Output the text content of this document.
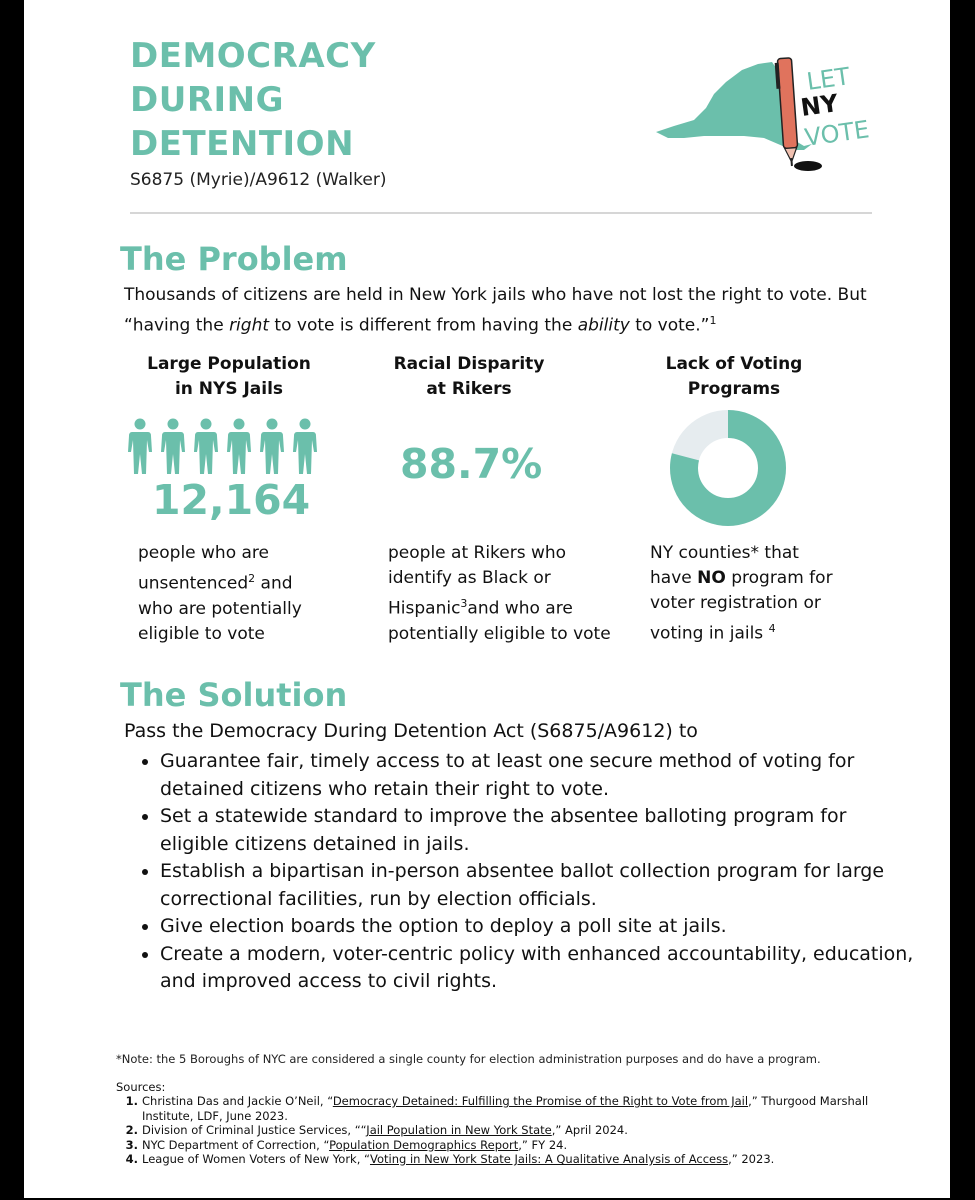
DEMOCRACY
DURING
DETENTION
S6875 (Myrie)/A9612 (Walker)
LET
NY
VOTE
The Problem
Thousands of citizens are held in New York jails who have not lost the right to vote. But
“having the right to vote is different from having the ability to vote.”$^1$
Large Population
in NYS Jails
12,164
people who are
unsentenced$^2$ and
who are potentially
eligible to vote
Racial Disparity
at Rikers
88.7%
people at Rikers who
identify as Black or
Hispanic$^3$and who are
potentially eligible to vote
Lack of Voting
Programs
45
NY counties* that
have NO program for
voter registration or
voting in jails $^4$
The Solution
Pass the Democracy During Detention Act (S6875/A9612) to
• Guarantee fair, timely access to at least one secure method of voting for detained citizens who retain their right to vote.
• Set a statewide standard to improve the absentee balloting program for eligible citizens detained in jails.
• Establish a bipartisan in-person absentee ballot collection program for large correctional facilities, run by election officials.
• Give election boards the option to deploy a poll site at jails.
• Create a modern, voter-centric policy with enhanced accountability, education, and improved access to civil rights.
*Note: the 5 Boroughs of NYC are considered a single county for election administration purposes and do have a program.
Sources:
1. Christina Das and Jackie O’Neil, “Democracy Detained: Fulfilling the Promise of the Right to Vote from Jail,” Thurgood Marshall Institute, LDF, June 2023.
2. Division of Criminal Justice Services, ““Jail Population in New York State,” April 2024.
3. NYC Department of Correction, “Population Demographics Report,” FY 24.
4. League of Women Voters of New York, “Voting in New York State Jails: A Qualitative Analysis of Access,” 2023.
